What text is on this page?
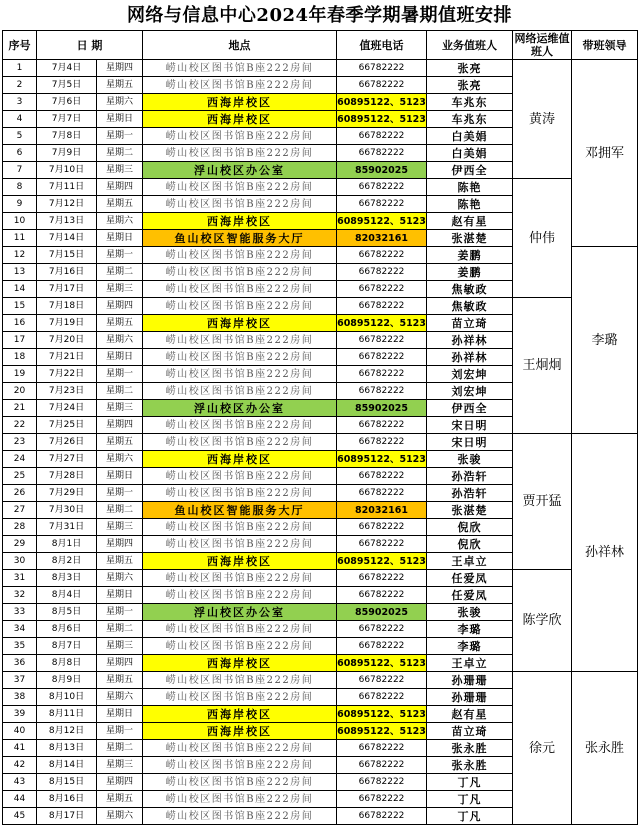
网络与信息中心2024年春季学期暑期值班安排
序号	日 期		地点	值班电话	业务值班人	网络运维值班人	带班领导
1	7月4日	星期四	崂山校区图书馆B座222房间	66782222	张亮	黄涛	邓拥军
2	7月5日	星期五	崂山校区图书馆B座222房间	66782222	张亮		
3	7月6日	星期六	西海岸校区	60895122、5123	车兆东		
4	7月7日	星期日	西海岸校区	60895122、5123	车兆东		
5	7月8日	星期一	崂山校区图书馆B座222房间	66782222	白美娟		
6	7月9日	星期二	崂山校区图书馆B座222房间	66782222	白美娟		
7	7月10日	星期三	浮山校区办公室	85902025	伊西全		
8	7月11日	星期四	崂山校区图书馆B座222房间	66782222	陈艳	仲伟	
9	7月12日	星期五	崂山校区图书馆B座222房间	66782222	陈艳		
10	7月13日	星期六	西海岸校区	60895122、5123	赵有星		
11	7月14日	星期日	鱼山校区智能服务大厅	82032161	张湛楚		
12	7月15日	星期一	崂山校区图书馆B座222房间	66782222	姜鹏		李璐
13	7月16日	星期二	崂山校区图书馆B座222房间	66782222	姜鹏		
14	7月17日	星期三	崂山校区图书馆B座222房间	66782222	焦敏政		
15	7月18日	星期四	崂山校区图书馆B座222房间	66782222	焦敏政	王炯炯	
16	7月19日	星期五	西海岸校区	60895122、5123	苗立琦		
17	7月20日	星期六	崂山校区图书馆B座222房间	66782222	孙祥林		
18	7月21日	星期日	崂山校区图书馆B座222房间	66782222	孙祥林		
19	7月22日	星期一	崂山校区图书馆B座222房间	66782222	刘宏坤		
20	7月23日	星期二	崂山校区图书馆B座222房间	66782222	刘宏坤		
21	7月24日	星期三	浮山校区办公室	85902025	伊西全		
22	7月25日	星期四	崂山校区图书馆B座222房间	66782222	宋日明		
23	7月26日	星期五	崂山校区图书馆B座222房间	66782222	宋日明	贾开猛	孙祥林
24	7月27日	星期六	西海岸校区	60895122、5123	张骏		
25	7月28日	星期日	崂山校区图书馆B座222房间	66782222	孙浩轩		
26	7月29日	星期一	崂山校区图书馆B座222房间	66782222	孙浩轩		
27	7月30日	星期二	鱼山校区智能服务大厅	82032161	张湛楚		
28	7月31日	星期三	崂山校区图书馆B座222房间	66782222	倪欣		
29	8月1日	星期四	崂山校区图书馆B座222房间	66782222	倪欣		
30	8月2日	星期五	西海岸校区	60895122、5123	王卓立		
31	8月3日	星期六	崂山校区图书馆B座222房间	66782222	任爱凤	陈学欣	
32	8月4日	星期日	崂山校区图书馆B座222房间	66782222	任爱凤		
33	8月5日	星期一	浮山校区办公室	85902025	张骏		
34	8月6日	星期二	崂山校区图书馆B座222房间	66782222	李璐		
35	8月7日	星期三	崂山校区图书馆B座222房间	66782222	李璐		
36	8月8日	星期四	西海岸校区	60895122、5123	王卓立		
37	8月9日	星期五	崂山校区图书馆B座222房间	66782222	孙珊珊	徐元	张永胜
38	8月10日	星期六	崂山校区图书馆B座222房间	66782222	孙珊珊		
39	8月11日	星期日	西海岸校区	60895122、5123	赵有星		
40	8月12日	星期一	西海岸校区	60895122、5123	苗立琦		
41	8月13日	星期二	崂山校区图书馆B座222房间	66782222	张永胜		
42	8月14日	星期三	崂山校区图书馆B座222房间	66782222	张永胜		
43	8月15日	星期四	崂山校区图书馆B座222房间	66782222	丁凡		
44	8月16日	星期五	崂山校区图书馆B座222房间	66782222	丁凡		
45	8月17日	星期六	崂山校区图书馆B座222房间	66782222	丁凡		
